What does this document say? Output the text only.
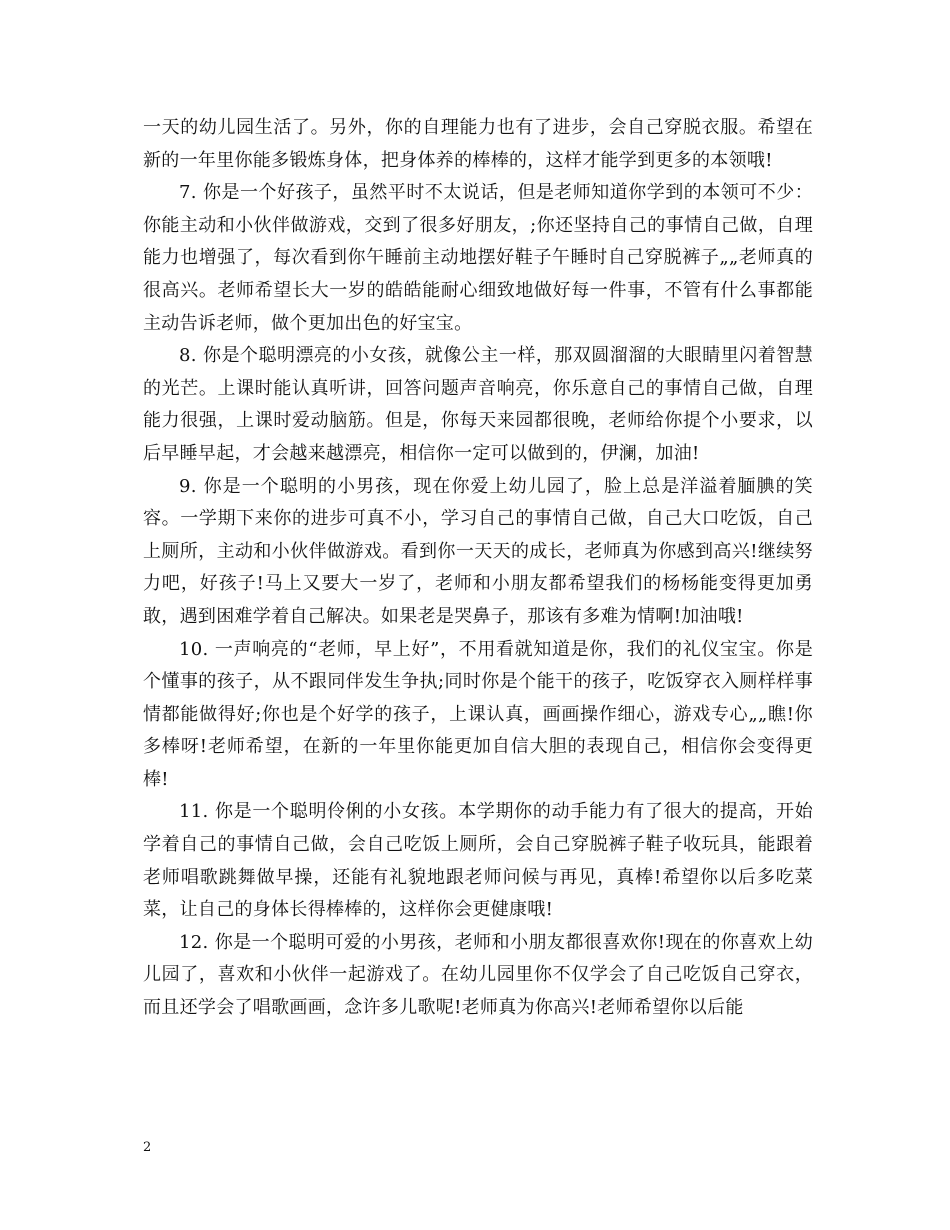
一天的幼儿园生活了。另外，你的自理能力也有了进步，会自己穿脱衣服。希望在新的一年里你能多锻炼身体，把身体养的棒棒的，这样才能学到更多的本领哦!

7. 你是一个好孩子，虽然平时不太说话，但是老师知道你学到的本领可不少：你能主动和小伙伴做游戏，交到了很多好朋友，;你还坚持自己的事情自己做，自理能力也增强了，每次看到你午睡前主动地摆好鞋子午睡时自己穿脱裤子„„老师真的很高兴。老师希望长大一岁的皓皓能耐心细致地做好每一件事，不管有什么事都能主动告诉老师，做个更加出色的好宝宝。

8. 你是个聪明漂亮的小女孩，就像公主一样，那双圆溜溜的大眼睛里闪着智慧的光芒。上课时能认真听讲，回答问题声音响亮，你乐意自己的事情自己做，自理能力很强，上课时爱动脑筋。但是，你每天来园都很晚，老师给你提个小要求，以后早睡早起，才会越来越漂亮，相信你一定可以做到的，伊澜，加油!

9. 你是一个聪明的小男孩，现在你爱上幼儿园了，脸上总是洋溢着腼腆的笑容。一学期下来你的进步可真不小，学习自己的事情自己做，自己大口吃饭，自己上厕所，主动和小伙伴做游戏。看到你一天天的成长，老师真为你感到高兴!继续努力吧，好孩子!马上又要大一岁了，老师和小朋友都希望我们的杨杨能变得更加勇敢，遇到困难学着自己解决。如果老是哭鼻子，那该有多难为情啊!加油哦!

10. 一声响亮的“老师，早上好”，不用看就知道是你，我们的礼仪宝宝。你是个懂事的孩子，从不跟同伴发生争执;同时你是个能干的孩子，吃饭穿衣入厕样样事情都能做得好;你也是个好学的孩子，上课认真，画画操作细心，游戏专心„„瞧!你多棒呀!老师希望，在新的一年里你能更加自信大胆的表现自己，相信你会变得更棒!

11. 你是一个聪明伶俐的小女孩。本学期你的动手能力有了很大的提高，开始学着自己的事情自己做，会自己吃饭上厕所，会自己穿脱裤子鞋子收玩具，能跟着老师唱歌跳舞做早操，还能有礼貌地跟老师问候与再见，真棒!希望你以后多吃菜菜，让自己的身体长得棒棒的，这样你会更健康哦!

12. 你是一个聪明可爱的小男孩，老师和小朋友都很喜欢你!现在的你喜欢上幼儿园了，喜欢和小伙伴一起游戏了。在幼儿园里你不仅学会了自己吃饭自己穿衣，而且还学会了唱歌画画，念许多儿歌呢!老师真为你高兴!老师希望你以后能

2
